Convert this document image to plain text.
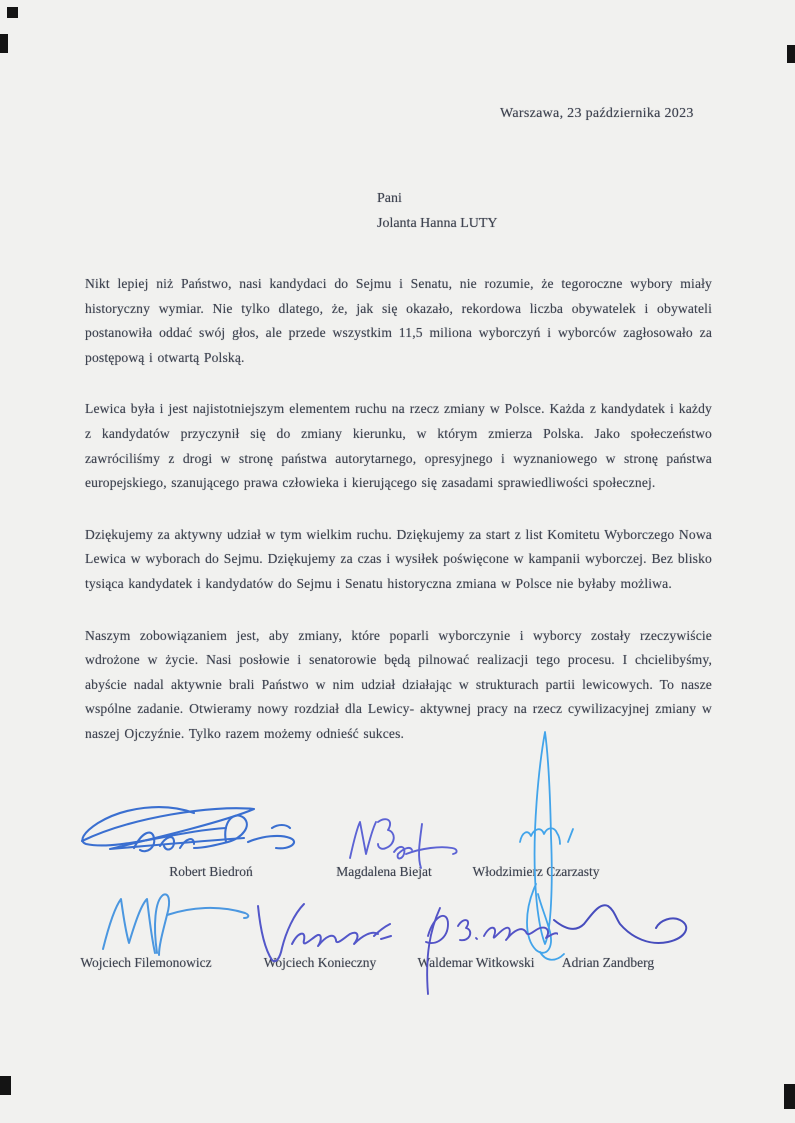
Warszawa, 23 października 2023
Pani
Jolanta Hanna LUTY

Nikt lepiej niż Państwo, nasi kandydaci do Sejmu i Senatu, nie rozumie, że tegoroczne wybory miały historyczny wymiar. Nie tylko dlatego, że, jak się okazało, rekordowa liczba obywatelek i obywateli postanowiła oddać swój głos, ale przede wszystkim 11,5 miliona wyborczyń i wyborców zagłosowało za postępową i otwartą Polską.

Lewica była i jest najistotniejszym elementem ruchu na rzecz zmiany w Polsce. Każda z kandydatek i każdy z kandydatów przyczynił się do zmiany kierunku, w którym zmierza Polska. Jako społeczeństwo zawróciliśmy z drogi w stronę państwa autorytarnego, opresyjnego i wyznaniowego w stronę państwa europejskiego, szanującego prawa człowieka i kierującego się zasadami sprawiedliwości społecznej.

Dziękujemy za aktywny udział w tym wielkim ruchu. Dziękujemy za start z list Komitetu Wyborczego Nowa Lewica w wyborach do Sejmu. Dziękujemy za czas i wysiłek poświęcone w kampanii wyborczej. Bez blisko tysiąca kandydatek i kandydatów do Sejmu i Senatu historyczna zmiana w Polsce nie byłaby możliwa.

Naszym zobowiązaniem jest, aby zmiany, które poparli wyborczynie i wyborcy zostały rzeczywiście wdrożone w życie. Nasi posłowie i senatorowie będą pilnować realizacji tego procesu. I chcielibyśmy, abyście nadal aktywnie brali Państwo w nim udział działając w strukturach partii lewicowych. To nasze wspólne zadanie. Otwieramy nowy rozdział dla Lewicy- aktywnej pracy na rzecz cywilizacyjnej zmiany w naszej Ojczyźnie. Tylko razem możemy odnieść sukces.

Robert Biedroń	Magdalena Biejat	Włodzimierz Czarzasty
Wojciech Filemonowicz	Wojciech Konieczny	Waldemar Witkowski Adrian Zandberg
